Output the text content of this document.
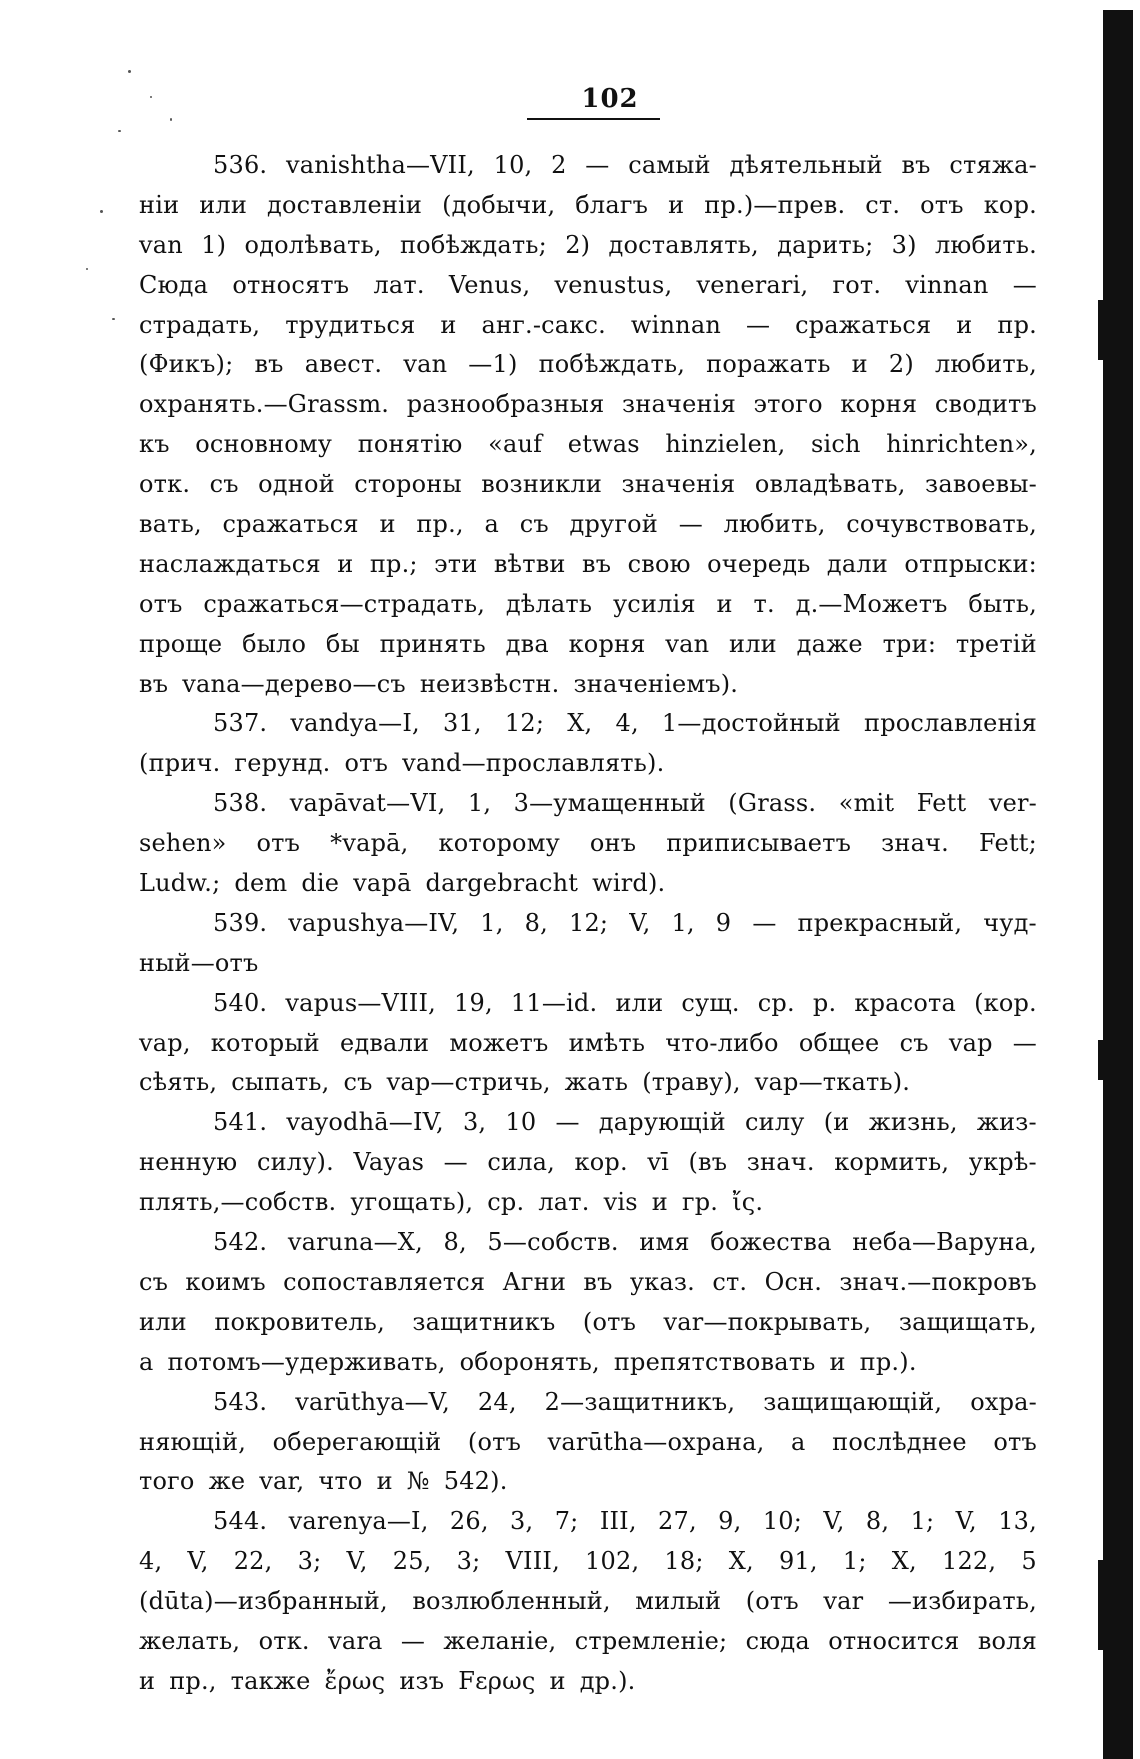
102
536. vanishtha—VII, 10, 2 — самый дѣятельный въ стяжа-
ніи или доставленіи (добычи, благъ и пр.)—прев. ст. отъ кор.
van 1) одолѣвать, побѣждать; 2) доставлять, дарить; 3) любить.
Сюда относятъ лат. Venus, venustus, venerari, гот. vinnan —
страдать, трудиться и анг.-сакс. winnan — сражаться и пр.
(Фикъ); въ авест. van —1) побѣждать, поражать и 2) любить,
охранять.—Grassm. разнообразныя значенія этого корня сводитъ
къ основному понятію «auf etwas hinzielen, sich hinrichten»,
отк. съ одной стороны возникли значенія овладѣвать, завоевы-
вать, сражаться и пр., а съ другой — любить, сочувствовать,
наслаждаться и пр.; эти вѣтви въ свою очередь дали отпрыски:
отъ сражаться—страдать, дѣлать усилія и т. д.—Можетъ быть,
проще было бы принять два корня van или даже три: третій
въ vana—дерево—съ неизвѣстн. значеніемъ).
537. vandya—I, 31, 12; X, 4, 1—достойный прославленія
(прич. герунд. отъ vand—прославлять).
538. vapāvat—VI, 1, 3—умащенный (Grass. «mit Fett ver-
sehen» отъ *vapā, которому онъ приписываетъ знач. Fett;
Ludw.; dem die vapā dargebracht wird).
539. vapushya—IV, 1, 8, 12; V, 1, 9 — прекрасный, чуд-
ный—отъ
540. vapus—VIII, 19, 11—id. или сущ. ср. р. красота (кор.
vap, который едвали можетъ имѣть что-либо общее съ vap —
сѣять, сыпать, съ vap—стричь, жать (траву), vap—ткать).
541. vayodhā—IV, 3, 10 — дарующій силу (и жизнь, жиз-
ненную силу). Vayas — сила, кор. vī (въ знач. кормить, укрѣ-
плять,—собств. угощать), ср. лат. vis и гр. ἴς.
542. varuna—X, 8, 5—собств. имя божества неба—Варуна,
съ коимъ сопоставляется Агни въ указ. ст. Осн. знач.—покровъ
или покровитель, защитникъ (отъ var—покрывать, защищать,
а потомъ—удерживать, оборонять, препятствовать и пр.).
543. varūthya—V, 24, 2—защитникъ, защищающій, охра-
няющій, оберегающій (отъ varūtha—охрана, а послѣднее отъ
того же var, что и № 542).
544. varenya—I, 26, 3, 7; III, 27, 9, 10; V, 8, 1; V, 13,
4, V, 22, 3; V, 25, 3; VIII, 102, 18; X, 91, 1; X, 122, 5
(dūta)—избранный, возлюбленный, милый (отъ var —избирать,
желать, отк. vara — желаніе, стремленіе; сюда относится воля
и пр., также ἔρως изъ Fερως и др.).
